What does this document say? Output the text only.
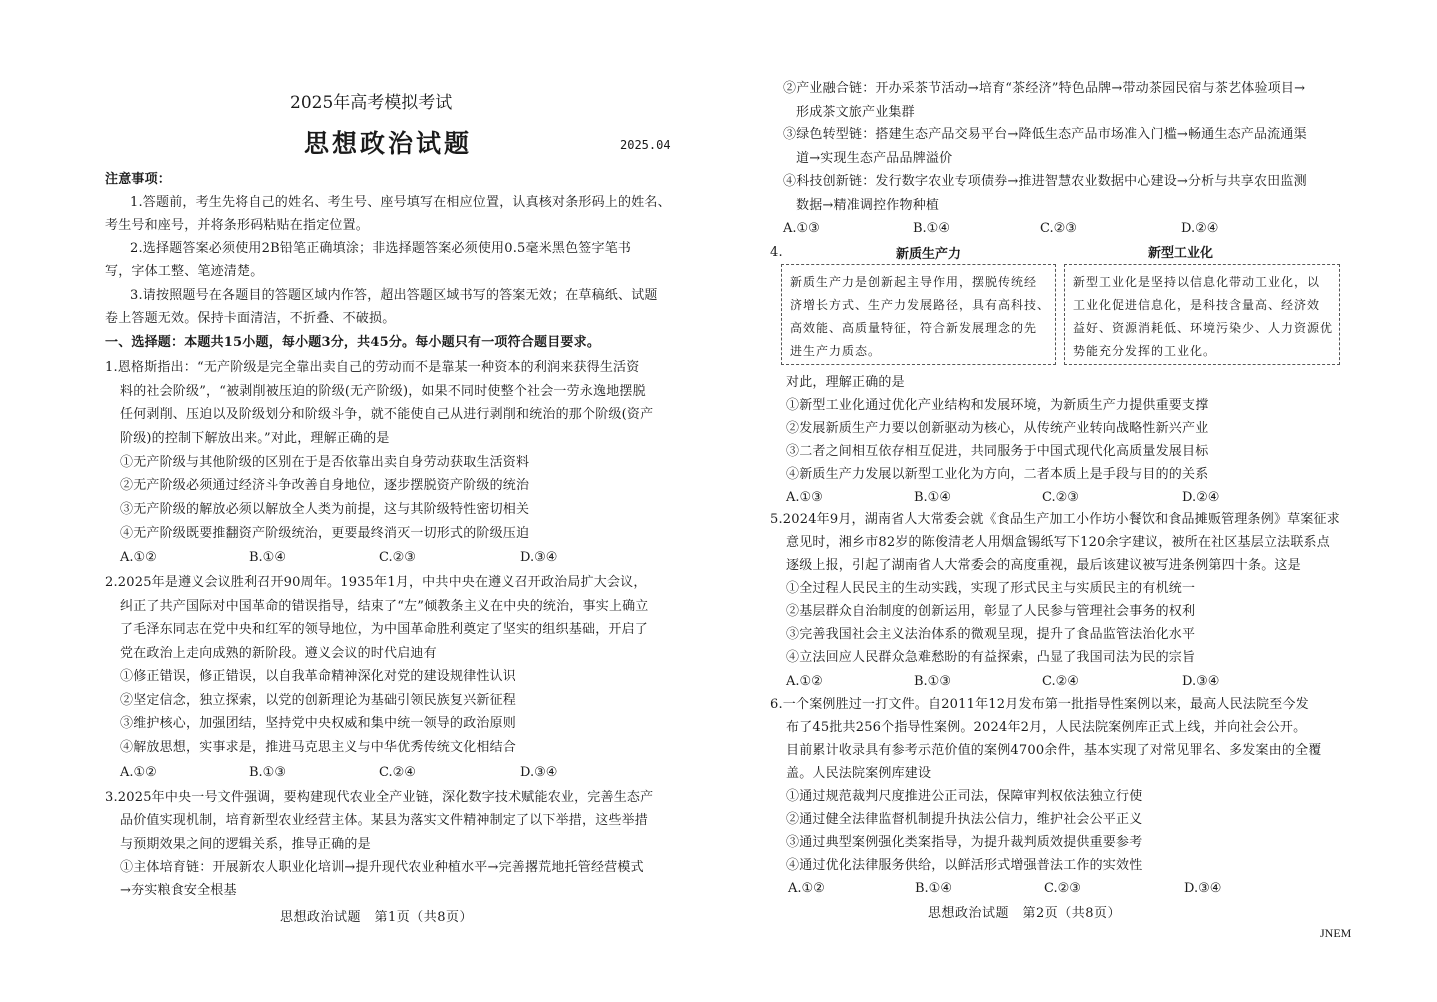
2025年高考模拟考试
思想政治试题	2025.04
注意事项：
1.答题前，考生先将自己的姓名、考生号、座号填写在相应位置，认真核对条形码上的姓名、
考生号和座号，并将条形码粘贴在指定位置。
2.选择题答案必须使用2B铅笔正确填涂；非选择题答案必须使用0.5毫米黑色签字笔书
写，字体工整、笔迹清楚。
3.请按照题号在各题目的答题区域内作答，超出答题区域书写的答案无效；在草稿纸、试题
卷上答题无效。保持卡面清洁，不折叠、不破损。
一、选择题：本题共15小题，每小题3分，共45分。每小题只有一项符合题目要求。
1.恩格斯指出：“无产阶级是完全靠出卖自己的劳动而不是靠某一种资本的利润来获得生活资
料的社会阶级”，“被剥削被压迫的阶级(无产阶级)，如果不同时使整个社会一劳永逸地摆脱
任何剥削、压迫以及阶级划分和阶级斗争，就不能使自己从进行剥削和统治的那个阶级(资产
阶级)的控制下解放出来。”对此，理解正确的是
①无产阶级与其他阶级的区别在于是否依靠出卖自身劳动获取生活资料
②无产阶级必须通过经济斗争改善自身地位，逐步摆脱资产阶级的统治
③无产阶级的解放必须以解放全人类为前提，这与其阶级特性密切相关
④无产阶级既要推翻资产阶级统治，更要最终消灭一切形式的阶级压迫
A.①②	B.①④	C.②③	D.③④
2.2025年是遵义会议胜利召开90周年。1935年1月，中共中央在遵义召开政治局扩大会议，
纠正了共产国际对中国革命的错误指导，结束了“左”倾教条主义在中央的统治，事实上确立
了毛泽东同志在党中央和红军的领导地位，为中国革命胜利奠定了坚实的组织基础，开启了
党在政治上走向成熟的新阶段。遵义会议的时代启迪有
①修正错误，修正错误，以自我革命精神深化对党的建设规律性认识
②坚定信念，独立探索，以党的创新理论为基础引领民族复兴新征程
③维护核心，加强团结，坚持党中央权威和集中统一领导的政治原则
④解放思想，实事求是，推进马克思主义与中华优秀传统文化相结合
A.①②	B.①③	C.②④	D.③④
3.2025年中央一号文件强调，要构建现代农业全产业链，深化数字技术赋能农业，完善生态产
品价值实现机制，培育新型农业经营主体。某县为落实文件精神制定了以下举措，这些举措
与预期效果之间的逻辑关系，推导正确的是
①主体培育链：开展新农人职业化培训→提升现代农业种植水平→完善撂荒地托管经营模式
→夯实粮食安全根基
思想政治试题　第1页（共8页）
②产业融合链：开办采茶节活动→培育“茶经济”特色品牌→带动茶园民宿与茶艺体验项目→
形成茶文旅产业集群
③绿色转型链：搭建生态产品交易平台→降低生态产品市场准入门槛→畅通生态产品流通渠
道→实现生态产品品牌溢价
④科技创新链：发行数字农业专项债券→推进智慧农业数据中心建设→分析与共享农田监测
数据→精准调控作物种植
A.①③	B.①④	C.②③	D.②④
4.	新质生产力	新型工业化
新质生产力是创新起主导作用，摆脱传统经
济增长方式、生产力发展路径，具有高科技、
高效能、高质量特征，符合新发展理念的先
进生产力质态。
新型工业化是坚持以信息化带动工业化，以
工业化促进信息化，是科技含量高、经济效
益好、资源消耗低、环境污染少、人力资源优
势能充分发挥的工业化。
对此，理解正确的是
①新型工业化通过优化产业结构和发展环境，为新质生产力提供重要支撑
②发展新质生产力要以创新驱动为核心，从传统产业转向战略性新兴产业
③二者之间相互依存相互促进，共同服务于中国式现代化高质量发展目标
④新质生产力发展以新型工业化为方向，二者本质上是手段与目的的关系
A.①③	B.①④	C.②③	D.②④
5.2024年9月，湖南省人大常委会就《食品生产加工小作坊小餐饮和食品摊贩管理条例》草案征求
意见时，湘乡市82岁的陈俊清老人用烟盒锡纸写下120余字建议，被所在社区基层立法联系点
逐级上报，引起了湖南省人大常委会的高度重视，最后该建议被写进条例第四十条。这是
①全过程人民民主的生动实践，实现了形式民主与实质民主的有机统一
②基层群众自治制度的创新运用，彰显了人民参与管理社会事务的权利
③完善我国社会主义法治体系的微观呈现，提升了食品监管法治化水平
④立法回应人民群众急难愁盼的有益探索，凸显了我国司法为民的宗旨
A.①②	B.①③	C.②④	D.③④
6.一个案例胜过一打文件。自2011年12月发布第一批指导性案例以来，最高人民法院至今发
布了45批共256个指导性案例。2024年2月，人民法院案例库正式上线，并向社会公开。
目前累计收录具有参考示范价值的案例4700余件，基本实现了对常见罪名、多发案由的全覆
盖。人民法院案例库建设
①通过规范裁判尺度推进公正司法，保障审判权依法独立行使
②通过健全法律监督机制提升执法公信力，维护社会公平正义
③通过典型案例强化类案指导，为提升裁判质效提供重要参考
④通过优化法律服务供给，以鲜活形式增强普法工作的实效性
A.①②	B.①④	C.②③	D.③④
思想政治试题　第2页（共8页）
JNEM
